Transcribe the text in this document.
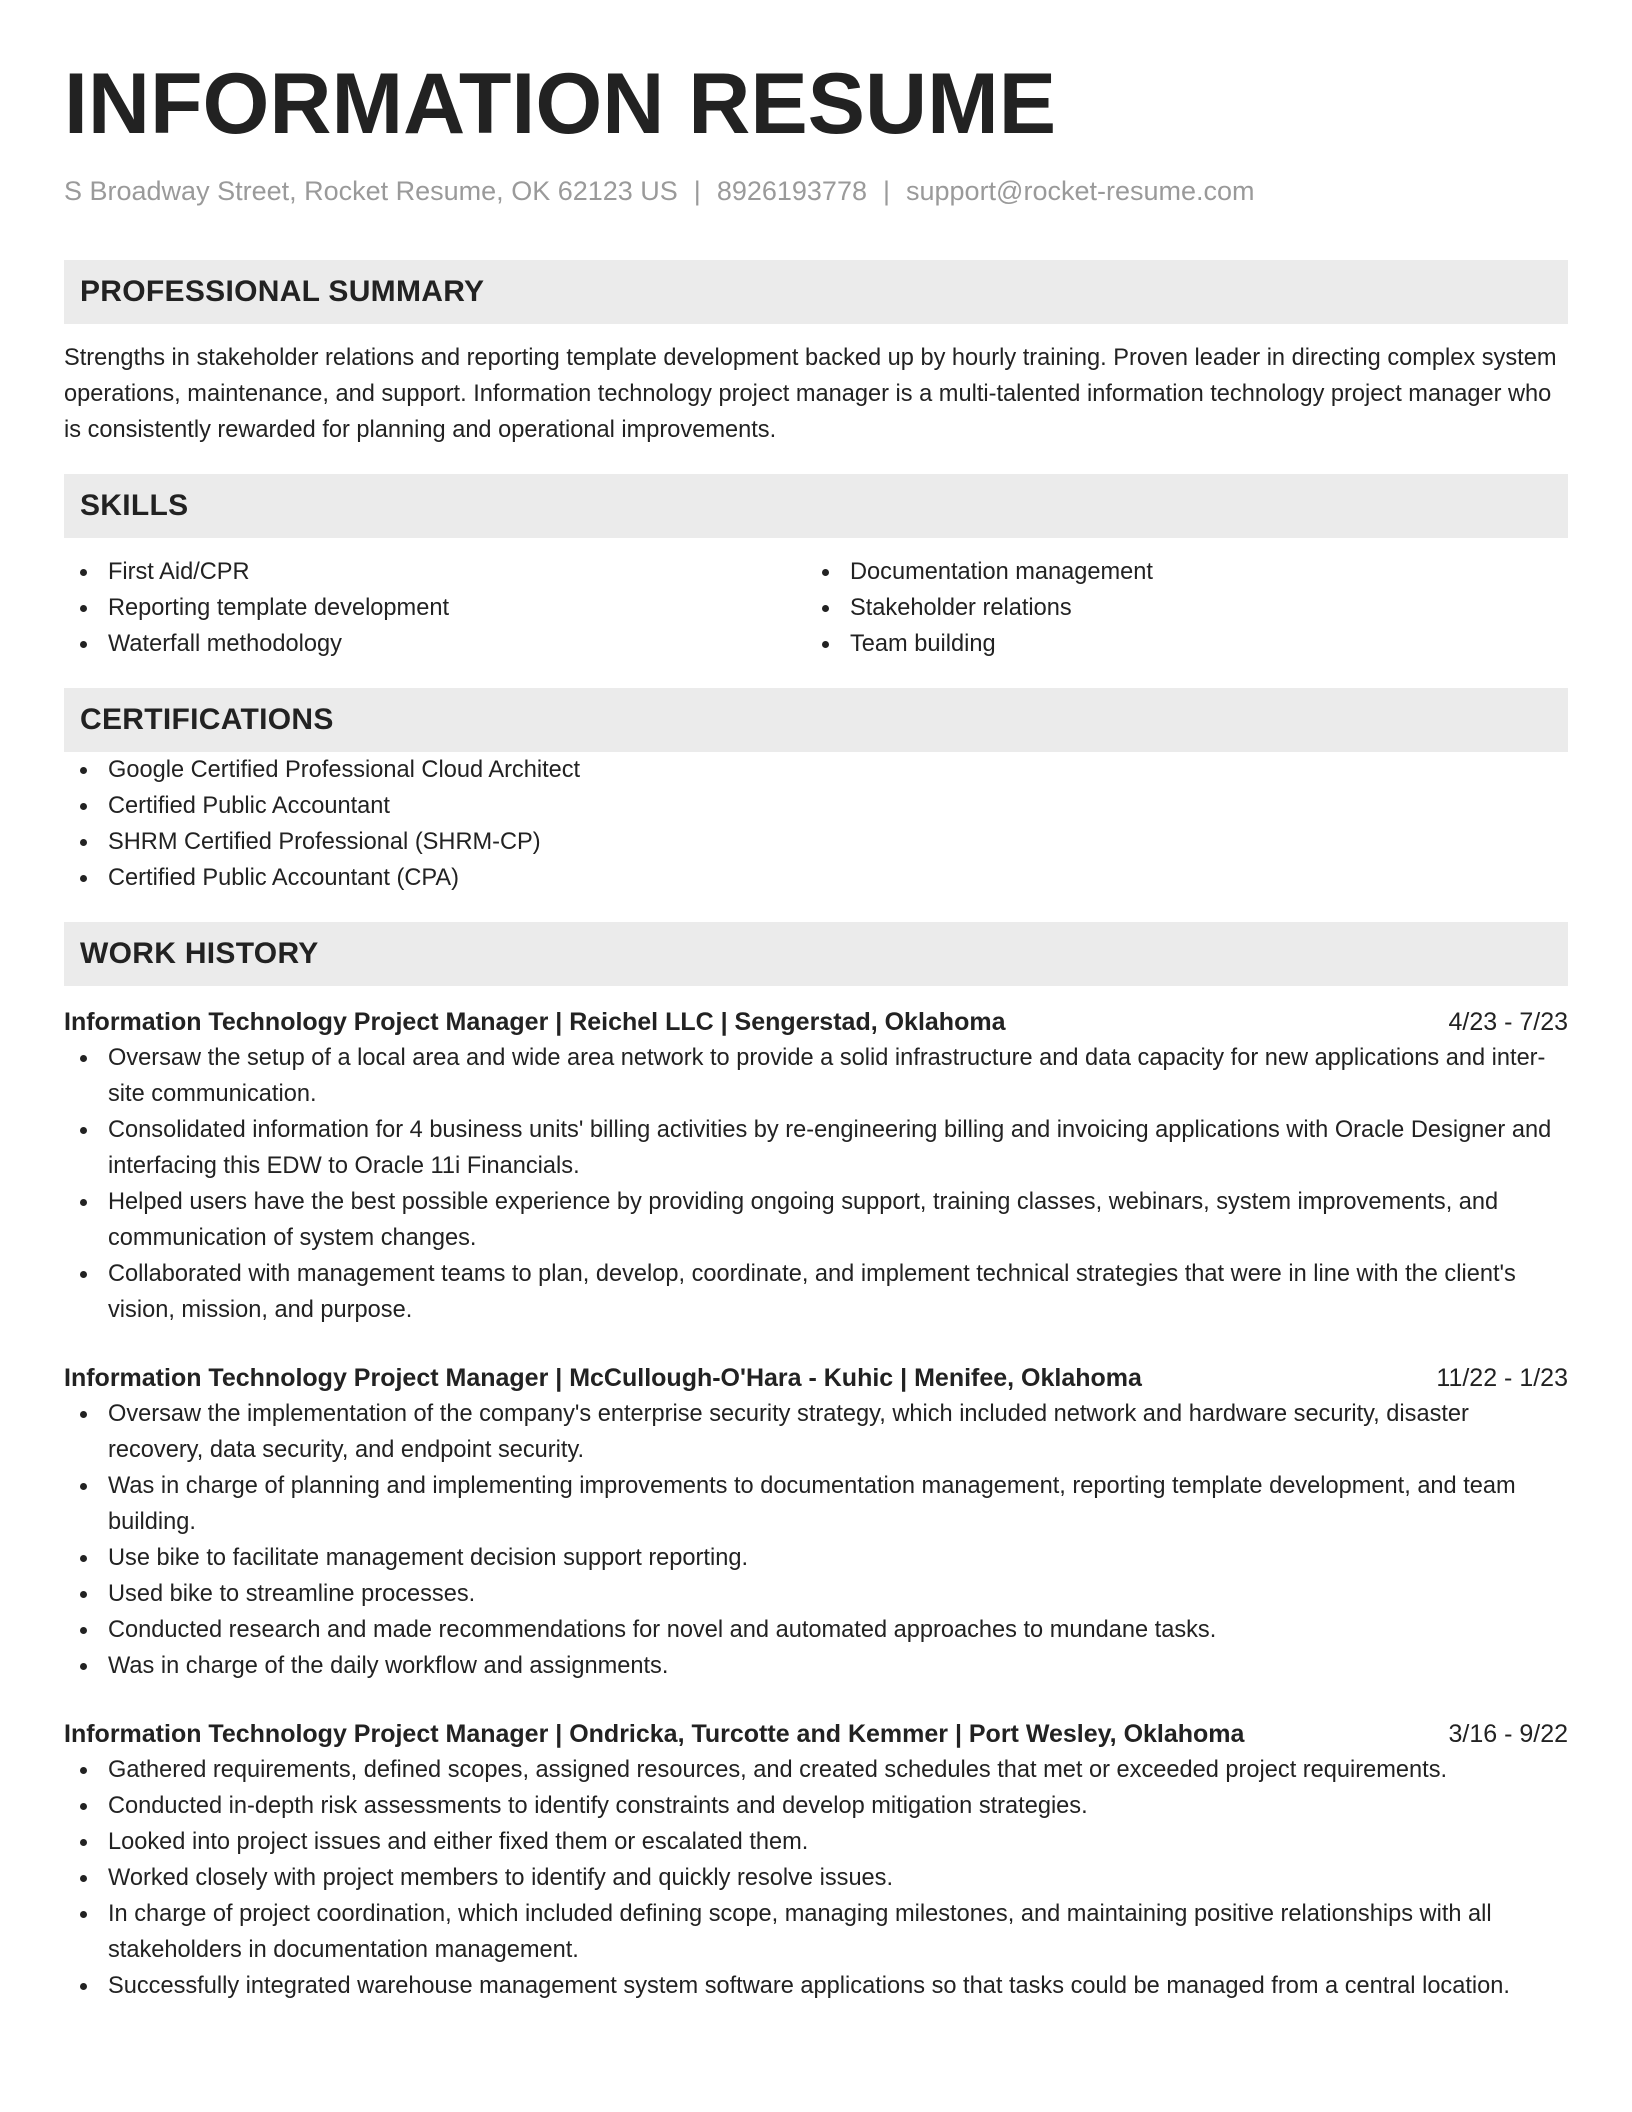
INFORMATION RESUME
S Broadway Street, Rocket Resume, OK 62123 US | 8926193778 | support@rocket-resume.com
PROFESSIONAL SUMMARY
Strengths in stakeholder relations and reporting template development backed up by hourly training. Proven leader in directing complex system operations, maintenance, and support. Information technology project manager is a multi-talented information technology project manager who is consistently rewarded for planning and operational improvements.
SKILLS
First Aid/CPR
Reporting template development
Waterfall methodology
Documentation management
Stakeholder relations
Team building
CERTIFICATIONS
Google Certified Professional Cloud Architect
Certified Public Accountant
SHRM Certified Professional (SHRM-CP)
Certified Public Accountant (CPA)
WORK HISTORY
Information Technology Project Manager | Reichel LLC | Sengerstad, Oklahoma	4/23 - 7/23
Oversaw the setup of a local area and wide area network to provide a solid infrastructure and data capacity for new applications and inter-site communication.
Consolidated information for 4 business units' billing activities by re-engineering billing and invoicing applications with Oracle Designer and interfacing this EDW to Oracle 11i Financials.
Helped users have the best possible experience by providing ongoing support, training classes, webinars, system improvements, and communication of system changes.
Collaborated with management teams to plan, develop, coordinate, and implement technical strategies that were in line with the client's vision, mission, and purpose.
Information Technology Project Manager | McCullough-O'Hara - Kuhic | Menifee, Oklahoma	11/22 - 1/23
Oversaw the implementation of the company's enterprise security strategy, which included network and hardware security, disaster recovery, data security, and endpoint security.
Was in charge of planning and implementing improvements to documentation management, reporting template development, and team building.
Use bike to facilitate management decision support reporting.
Used bike to streamline processes.
Conducted research and made recommendations for novel and automated approaches to mundane tasks.
Was in charge of the daily workflow and assignments.
Information Technology Project Manager | Ondricka, Turcotte and Kemmer | Port Wesley, Oklahoma	3/16 - 9/22
Gathered requirements, defined scopes, assigned resources, and created schedules that met or exceeded project requirements.
Conducted in-depth risk assessments to identify constraints and develop mitigation strategies.
Looked into project issues and either fixed them or escalated them.
Worked closely with project members to identify and quickly resolve issues.
In charge of project coordination, which included defining scope, managing milestones, and maintaining positive relationships with all stakeholders in documentation management.
Successfully integrated warehouse management system software applications so that tasks could be managed from a central location.
